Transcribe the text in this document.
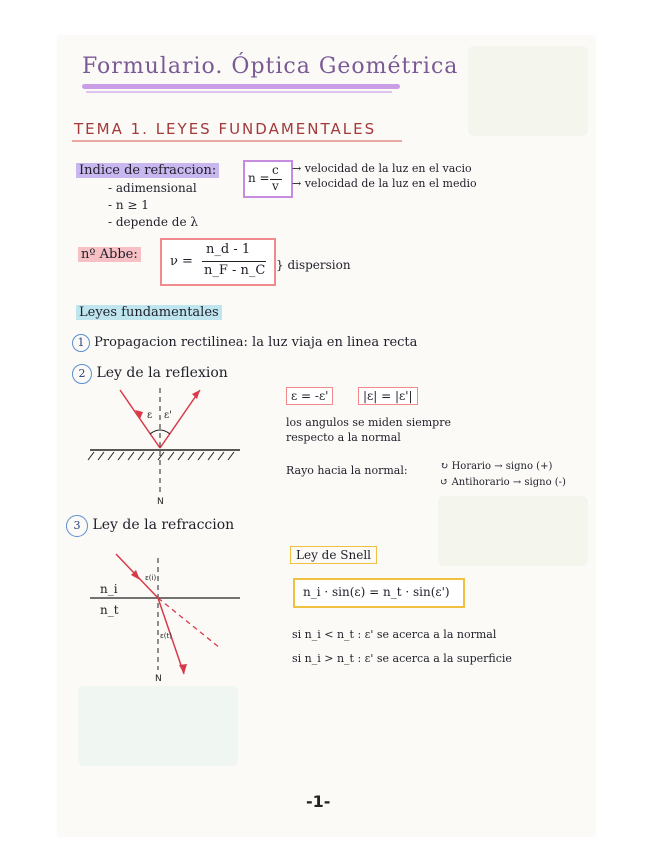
Formulario. Óptica Geométrica
TEMA 1. LEYES FUNDAMENTALES
Indice de refraccion:
- adimensional
- n ≥ 1
- depende de λ
n =
c
v
→ velocidad de la luz en el vacio
→ velocidad de la luz en el medio
nº Abbe: ν =
n_d - 1
n_F - n_C } dispersion
Leyes fundamentales
1 Propagacion rectilinea: la luz viaja en linea recta
2 Ley de la reflexion
ε ε'
N
ε = -ε'	|ε| = |ε'|
los angulos se miden siempre
respecto a la normal
Rayo hacia la normal:	↻ Horario → signo (+)
↺ Antihorario → signo (-)
3 Ley de la refraccion
n_i
n_t
ε(i)
ε(t)
N
Ley de Snell
n_i · sin(ε) = n_t · sin(ε')
si n_i < n_t : ε' se acerca a la normal
si n_i > n_t : ε' se acerca a la superficie
-1-
